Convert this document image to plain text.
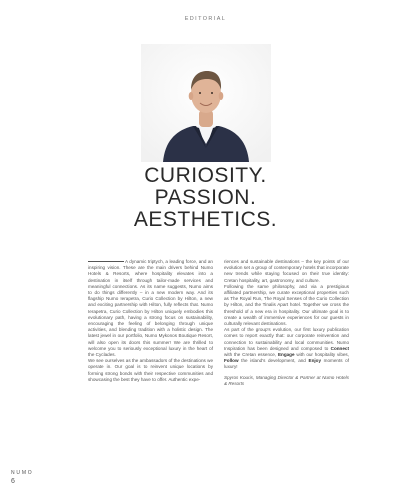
EDITORIAL
CURIOSITY.
PASSION.
AESTHETICS.

A dynamic triptych, a leading force, and an inspiring vision. These are the main drivers behind Numo Hotels & Resorts, where hospitality elevates into a destination in itself through tailor-made services and meaningful connections. As its name suggests, Numo aims to do things differently – in a new modern way. And its flagship Numo Ierapetra, Curio Collection by Hilton, a new and exciting partnership with Hilton, fully reflects that. Numo Ierapetra, Curio Collection by Hilton uniquely embodies this evolutionary path, having a strong focus on sustainability, encouraging the feeling of belonging through unique activities, and blending tradition with a holistic design. The latest jewel in our portfolio, Numo Mykonos Boutique Resort, will also open its doors this summer! We are thrilled to welcome you to seriously exceptional luxury in the heart of the Cyclades.

We see ourselves as the ambassadors of the destinations we operate in. Our goal is to reinvent unique locations by forming strong bonds with their respective communities and showcasing the best they have to offer. Authentic expe-

riences and sustainable destinations – the key points of our evolution set a group of contemporary hotels that incorporate new trends while staying focused on their true identity: Cretan hospitality, art, gastronomy, and culture.

Following the same philosophy, and via a prestigious affiliated partnership, we curate exceptional properties such as The Royal Run, The Royal Senses of the Curio Collection by Hilton, and the Tinalis Apart hotel. Together we cross the threshold of a new era in hospitality. Our ultimate goal is to create a wealth of immersive experiences for our guests in culturally relevant destinations.

As part of the group's evolution, our first luxury publication comes to report exactly that: our corporate reinvention and connection to sustainability and local communities. Numo Inspiration has been designed and composed to Connect with the Cretan essence, Engage with our hospitality vibes, Follow the island's development, and Enjoy moments of luxury!

Spyros Kouris, Managing Director & Partner at Numo Hotels & Resorts

NUMO
6
